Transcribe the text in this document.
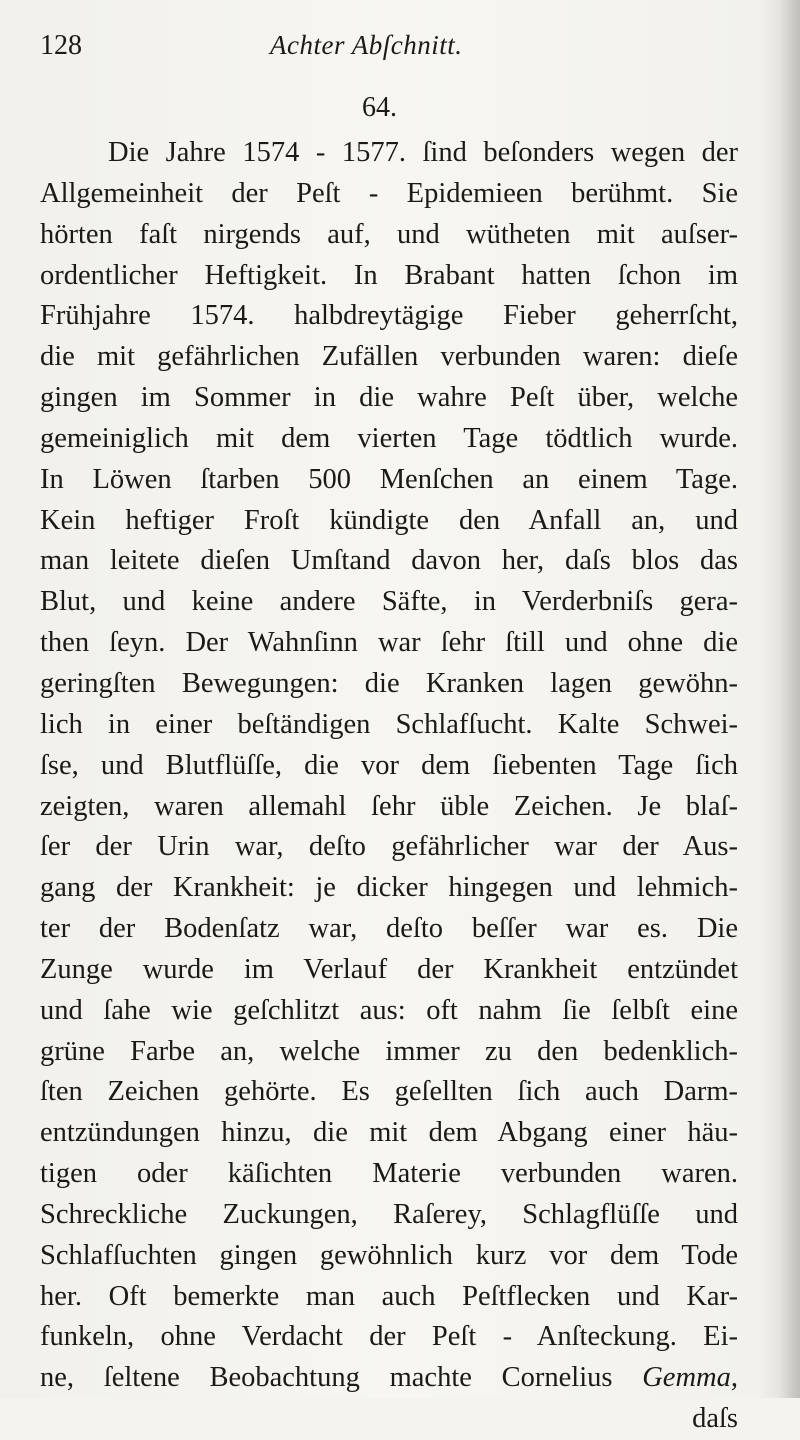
128	Achter Abſchnitt.
64.
Die Jahre 1574 - 1577. ſind beſonders wegen der
Allgemeinheit der Peſt - Epidemieen berühmt. Sie
hörten faſt nirgends auf, und wütheten mit auſser-
ordentlicher Heftigkeit. In Brabant hatten ſchon im
Frühjahre 1574. halbdreytägige Fieber geherrſcht,
die mit gefährlichen Zufällen verbunden waren: dieſe
gingen im Sommer in die wahre Peſt über, welche
gemeiniglich mit dem vierten Tage tödtlich wurde.
In Löwen ſtarben 500 Menſchen an einem Tage.
Kein heftiger Froſt kündigte den Anfall an, und
man leitete dieſen Umſtand davon her, daſs blos das
Blut, und keine andere Säfte, in Verderbniſs gera-
then ſeyn. Der Wahnſinn war ſehr ſtill und ohne die
geringſten Bewegungen: die Kranken lagen gewöhn-
lich in einer beſtändigen Schlafſucht. Kalte Schwei-
ſse, und Blutflüſſe, die vor dem ſiebenten Tage ſich
zeigten, waren allemahl ſehr üble Zeichen. Je blaſ-
ſer der Urin war, deſto gefährlicher war der Aus-
gang der Krankheit: je dicker hingegen und lehmich-
ter der Bodenſatz war, deſto beſſer war es. Die
Zunge wurde im Verlauf der Krankheit entzündet
und ſahe wie geſchlitzt aus: oft nahm ſie ſelbſt eine
grüne Farbe an, welche immer zu den bedenklich-
ſten Zeichen gehörte. Es geſellten ſich auch Darm-
entzündungen hinzu, die mit dem Abgang einer häu-
tigen oder käſichten Materie verbunden waren.
Schreckliche Zuckungen, Raſerey, Schlagflüſſe und
Schlafſuchten gingen gewöhnlich kurz vor dem Tode
her. Oft bemerkte man auch Peſtflecken und Kar-
funkeln, ohne Verdacht der Peſt - Anſteckung. Ei-
ne, ſeltene Beobachtung machte Cornelius Gemma,
daſs
